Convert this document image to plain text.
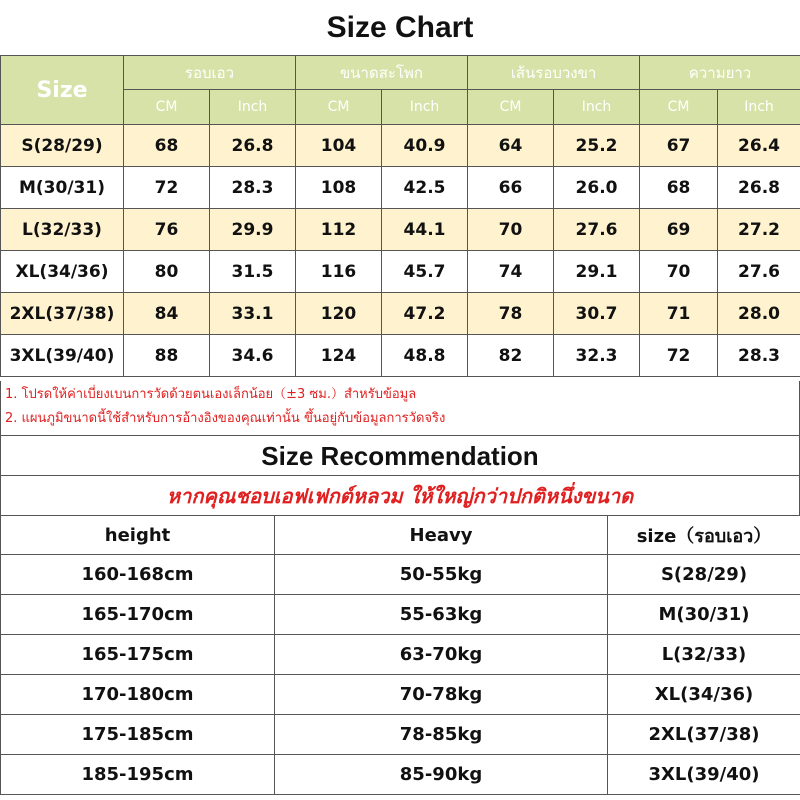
Size Chart
Size	รอบเอว		ขนาดสะโพก		เส้นรอบวงขา		ความยาว	
	CM	Inch	CM	Inch	CM	Inch	CM	Inch
S(28/29)	68	26.8	104	40.9	64	25.2	67	26.4
M(30/31)	72	28.3	108	42.5	66	26.0	68	26.8
L(32/33)	76	29.9	112	44.1	70	27.6	69	27.2
XL(34/36)	80	31.5	116	45.7	74	29.1	70	27.6
2XL(37/38)	84	33.1	120	47.2	78	30.7	71	28.0
3XL(39/40)	88	34.6	124	48.8	82	32.3	72	28.3
1. โปรดให้ค่าเบี่ยงเบนการวัดด้วยตนเองเล็กน้อย（±3 ซม.）สำหรับข้อมูล
2. แผนภูมิขนาดนี้ใช้สำหรับการอ้างอิงของคุณเท่านั้น ขึ้นอยู่กับข้อมูลการวัดจริง
Size Recommendation
หากคุณชอบเอฟเฟกต์หลวม ให้ใหญ่กว่าปกติหนึ่งขนาด
height	Heavy	size（รอบเอว）
160-168cm	50-55kg	S(28/29)
165-170cm	55-63kg	M(30/31)
165-175cm	63-70kg	L(32/33)
170-180cm	70-78kg	XL(34/36)
175-185cm	78-85kg	2XL(37/38)
185-195cm	85-90kg	3XL(39/40)
